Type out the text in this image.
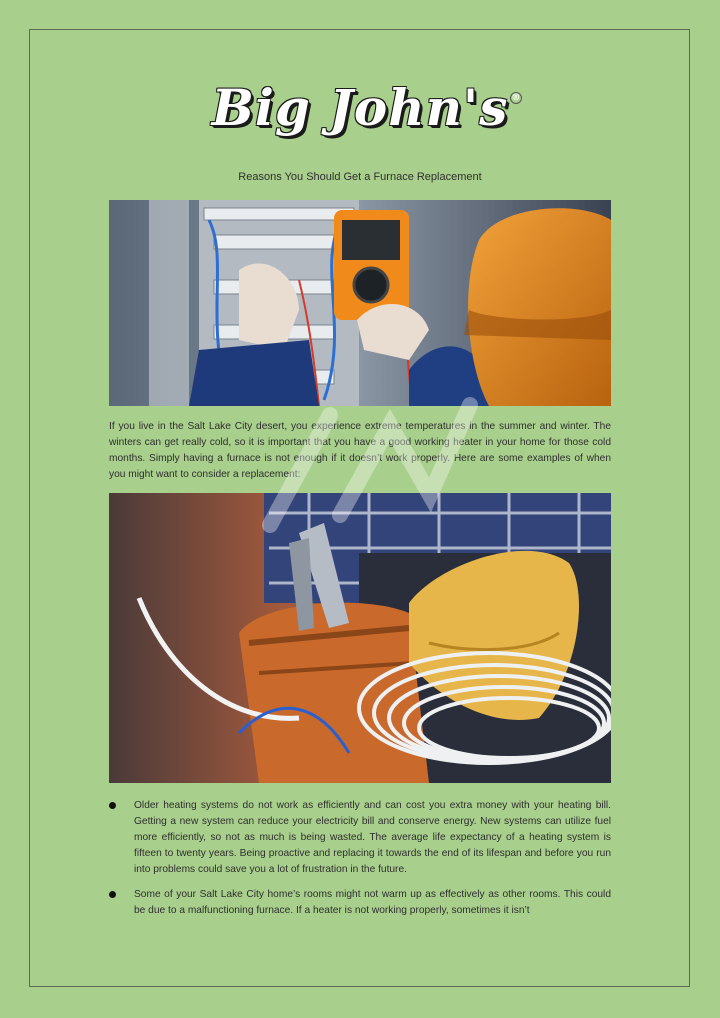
Big John's ®
Reasons You Should Get a Furnace Replacement
If you live in the Salt Lake City desert, you experience extreme temperatures in the summer and winter. The winters can get really cold, so it is important that you have a good working heater in your home for those cold months. Simply having a furnace is not enough if it doesn’t work properly. Here are some examples of when you might want to consider a replacement:
Older heating systems do not work as efficiently and can cost you extra money with your heating bill. Getting a new system can reduce your electricity bill and conserve energy. New systems can utilize fuel more efficiently, so not as much is being wasted. The average life expectancy of a heating system is fifteen to twenty years. Being proactive and replacing it towards the end of its lifespan and before you run into problems could save you a lot of frustration in the future.
Some of your Salt Lake City home’s rooms might not warm up as effectively as other rooms. This could be due to a malfunctioning furnace. If a heater is not working properly, sometimes it isn’t
